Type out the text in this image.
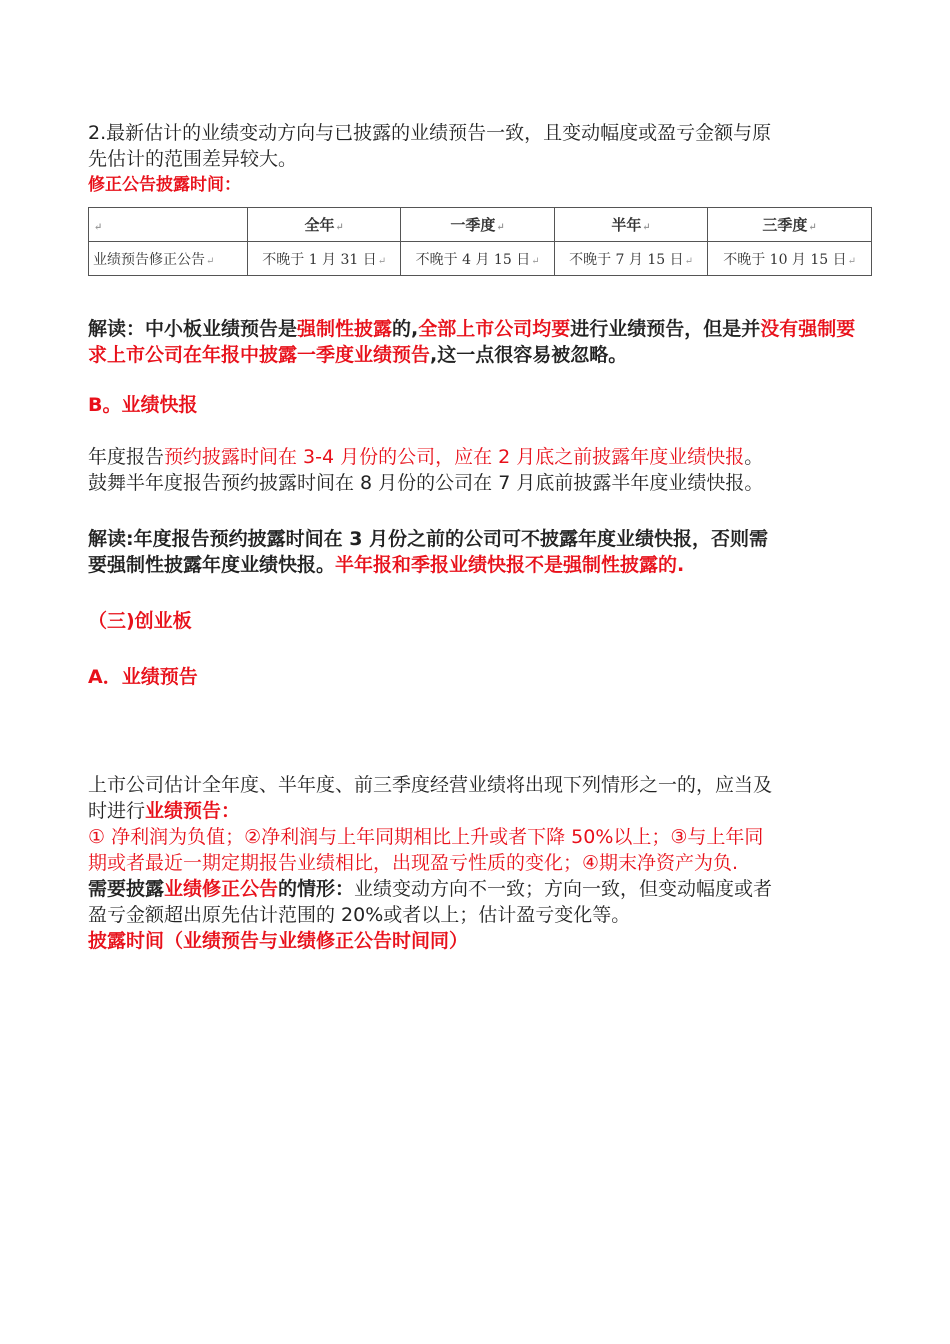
2.最新估计的业绩变动方向与已披露的业绩预告一致，且变动幅度或盈亏金额与原
先估计的范围差异较大。
修正公告披露时间：
↵	全年↵	一季度↵	半年↵	三季度↵
业绩预告修正公告↵	不晚于 1 月 31 日↵	不晚于 4 月 15 日↵	不晚于 7 月 15 日↵	不晚于 10 月 15 日↵
解读：中小板业绩预告是强制性披露的,全部上市公司均要进行业绩预告，但是并没有强制要求上市公司在年报中披露一季度业绩预告,这一点很容易被忽略。
B。业绩快报
年度报告预约披露时间在 3-4 月份的公司，应在 2 月底之前披露年度业绩快报。
鼓舞半年度报告预约披露时间在 8 月份的公司在 7 月底前披露半年度业绩快报。
解读:年度报告预约披露时间在 3 月份之前的公司可不披露年度业绩快报，否则需
要强制性披露年度业绩快报。半年报和季报业绩快报不是强制性披露的.
（三)创业板
A．业绩预告
上市公司估计全年度、半年度、前三季度经营业绩将出现下列情形之一的，应当及
时进行业绩预告：
① 净利润为负值；②净利润与上年同期相比上升或者下降 50%以上；③与上年同
期或者最近一期定期报告业绩相比，出现盈亏性质的变化；④期末净资产为负.
需要披露业绩修正公告的情形：业绩变动方向不一致；方向一致，但变动幅度或者
盈亏金额超出原先估计范围的 20%或者以上；估计盈亏变化等。
披露时间（业绩预告与业绩修正公告时间同）
